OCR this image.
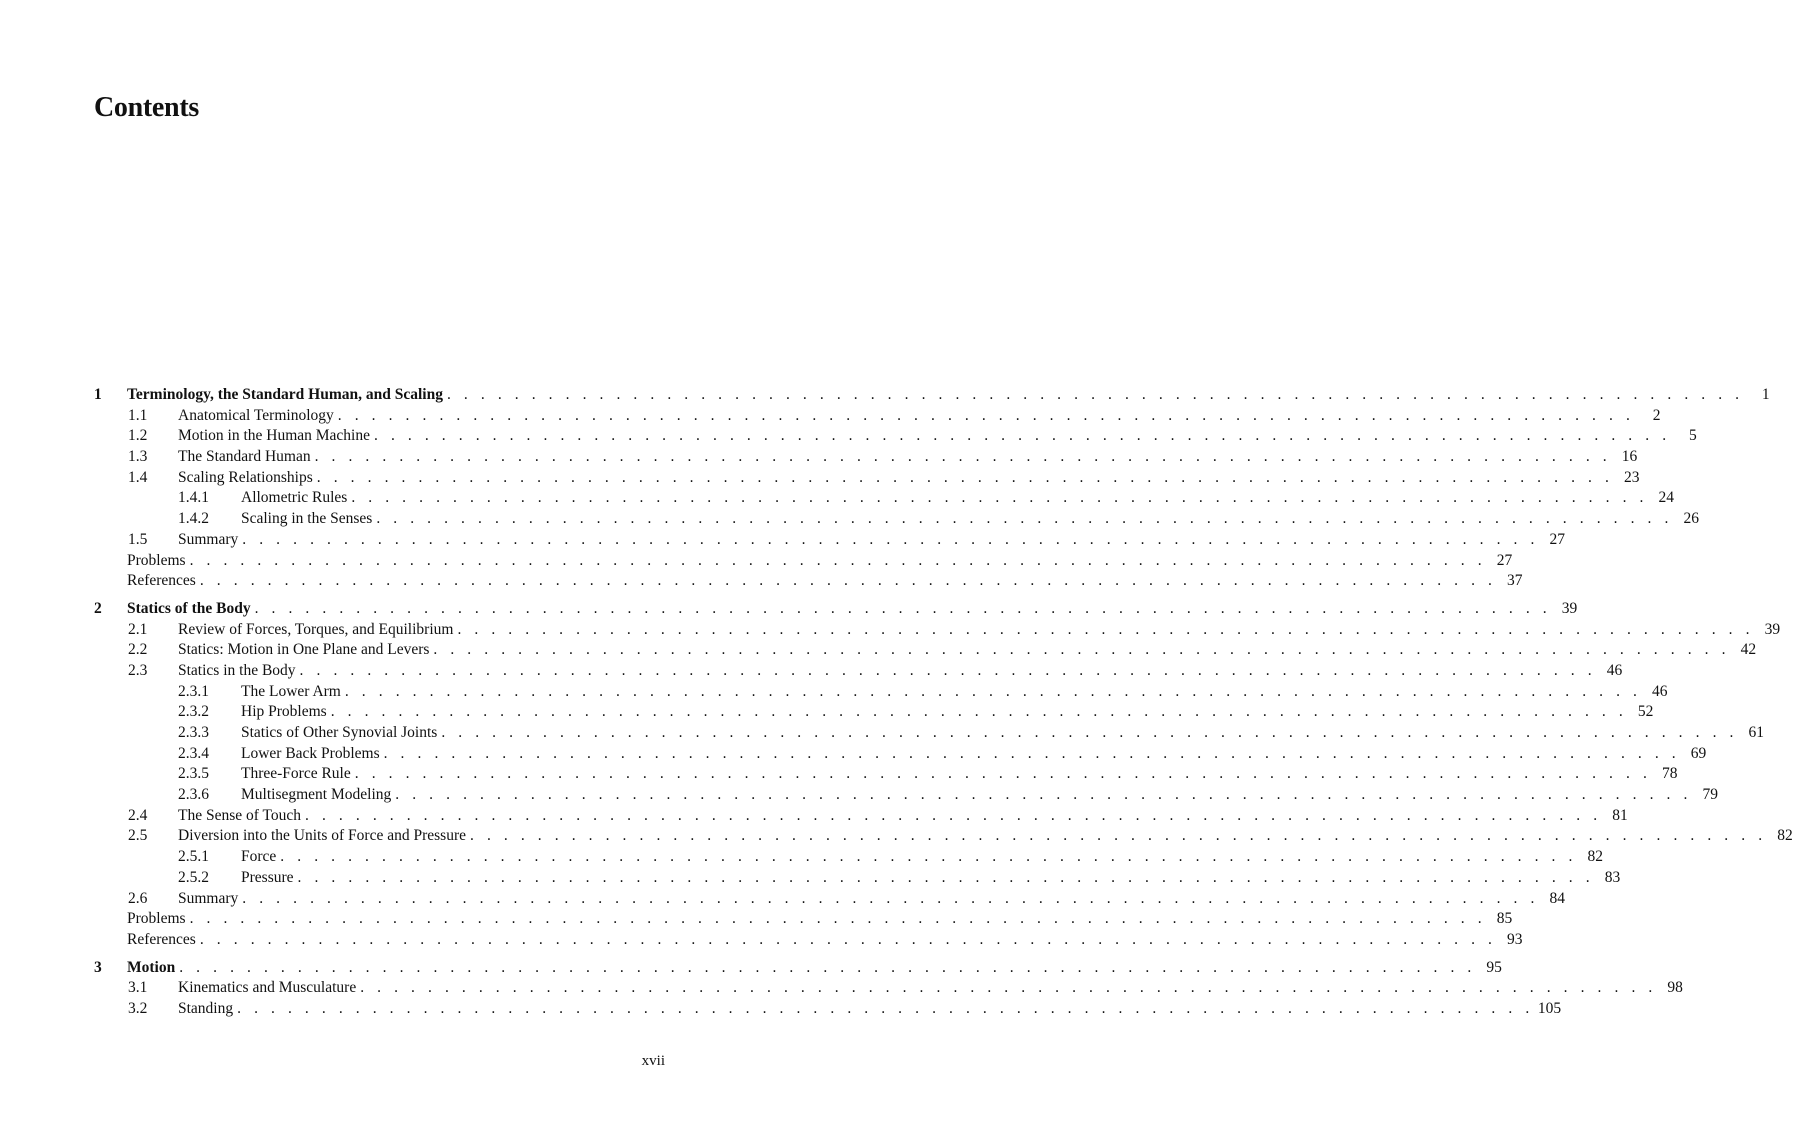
Contents
1 Terminology, the Standard Human, and Scaling . . . . . . . . . . . . . . . . . . . . . . . . . . . . . . . . . . . . . . . . . . . . . . . . . . . . . . . . . . . . . . . . . . . . . . . . . . . . .	1
1.1 Anatomical Terminology . . . . . . . . . . . . . . . . . . . . . . . . . . . . . . . . . . . . . . . . . . . . . . . . . . . . . . . . . . . . . . . . . . . . . . . . . . . . .	2
1.2 Motion in the Human Machine . . . . . . . . . . . . . . . . . . . . . . . . . . . . . . . . . . . . . . . . . . . . . . . . . . . . . . . . . . . . . . . . . . . . . . . . . . . . .	5
1.3 The Standard Human . . . . . . . . . . . . . . . . . . . . . . . . . . . . . . . . . . . . . . . . . . . . . . . . . . . . . . . . . . . . . . . . . . . . . . . . . . . . . 16
1.4 Scaling Relationships . . . . . . . . . . . . . . . . . . . . . . . . . . . . . . . . . . . . . . . . . . . . . . . . . . . . . . . . . . . . . . . . . . . . . . . . . . . . . 23
1.4.1 Allometric Rules . . . . . . . . . . . . . . . . . . . . . . . . . . . . . . . . . . . . . . . . . . . . . . . . . . . . . . . . . . . . . . . . . . . . . . . . . . . . . 24
1.4.2 Scaling in the Senses . . . . . . . . . . . . . . . . . . . . . . . . . . . . . . . . . . . . . . . . . . . . . . . . . . . . . . . . . . . . . . . . . . . . . . . . . . . . . 26
1.5 Summary . . . . . . . . . . . . . . . . . . . . . . . . . . . . . . . . . . . . . . . . . . . . . . . . . . . . . . . . . . . . . . . . . . . . . . . . . . . . . 27
Problems . . . . . . . . . . . . . . . . . . . . . . . . . . . . . . . . . . . . . . . . . . . . . . . . . . . . . . . . . . . . . . . . . . . . . . . . . . . . . 27
References . . . . . . . . . . . . . . . . . . . . . . . . . . . . . . . . . . . . . . . . . . . . . . . . . . . . . . . . . . . . . . . . . . . . . . . . . . . . . 37
2 Statics of the Body . . . . . . . . . . . . . . . . . . . . . . . . . . . . . . . . . . . . . . . . . . . . . . . . . . . . . . . . . . . . . . . . . . . . . . . . . . . . . 39
2.1 Review of Forces, Torques, and Equilibrium . . . . . . . . . . . . . . . . . . . . . . . . . . . . . . . . . . . . . . . . . . . . . . . . . . . . . . . . . . . . . . . . . . . . . . . . . . . . . 39
2.2 Statics: Motion in One Plane and Levers . . . . . . . . . . . . . . . . . . . . . . . . . . . . . . . . . . . . . . . . . . . . . . . . . . . . . . . . . . . . . . . . . . . . . . . . . . . . . 42
2.3 Statics in the Body . . . . . . . . . . . . . . . . . . . . . . . . . . . . . . . . . . . . . . . . . . . . . . . . . . . . . . . . . . . . . . . . . . . . . . . . . . . . . 46
2.3.1 The Lower Arm . . . . . . . . . . . . . . . . . . . . . . . . . . . . . . . . . . . . . . . . . . . . . . . . . . . . . . . . . . . . . . . . . . . . . . . . . . . . . 46
2.3.2 Hip Problems . . . . . . . . . . . . . . . . . . . . . . . . . . . . . . . . . . . . . . . . . . . . . . . . . . . . . . . . . . . . . . . . . . . . . . . . . . . . . 52
2.3.3 Statics of Other Synovial Joints . . . . . . . . . . . . . . . . . . . . . . . . . . . . . . . . . . . . . . . . . . . . . . . . . . . . . . . . . . . . . . . . . . . . . . . . . . . . . 61
2.3.4 Lower Back Problems . . . . . . . . . . . . . . . . . . . . . . . . . . . . . . . . . . . . . . . . . . . . . . . . . . . . . . . . . . . . . . . . . . . . . . . . . . . . . 69
2.3.5 Three-Force Rule . . . . . . . . . . . . . . . . . . . . . . . . . . . . . . . . . . . . . . . . . . . . . . . . . . . . . . . . . . . . . . . . . . . . . . . . . . . . . 78
2.3.6 Multisegment Modeling . . . . . . . . . . . . . . . . . . . . . . . . . . . . . . . . . . . . . . . . . . . . . . . . . . . . . . . . . . . . . . . . . . . . . . . . . . . . . 79
2.4 The Sense of Touch . . . . . . . . . . . . . . . . . . . . . . . . . . . . . . . . . . . . . . . . . . . . . . . . . . . . . . . . . . . . . . . . . . . . . . . . . . . . . 81
2.5 Diversion into the Units of Force and Pressure . . . . . . . . . . . . . . . . . . . . . . . . . . . . . . . . . . . . . . . . . . . . . . . . . . . . . . . . . . . . . . . . . . . . . . . . . . . . . 82
2.5.1 Force . . . . . . . . . . . . . . . . . . . . . . . . . . . . . . . . . . . . . . . . . . . . . . . . . . . . . . . . . . . . . . . . . . . . . . . . . . . . . 82
2.5.2 Pressure . . . . . . . . . . . . . . . . . . . . . . . . . . . . . . . . . . . . . . . . . . . . . . . . . . . . . . . . . . . . . . . . . . . . . . . . . . . . . 83
2.6 Summary . . . . . . . . . . . . . . . . . . . . . . . . . . . . . . . . . . . . . . . . . . . . . . . . . . . . . . . . . . . . . . . . . . . . . . . . . . . . . 84
Problems . . . . . . . . . . . . . . . . . . . . . . . . . . . . . . . . . . . . . . . . . . . . . . . . . . . . . . . . . . . . . . . . . . . . . . . . . . . . . 85
References . . . . . . . . . . . . . . . . . . . . . . . . . . . . . . . . . . . . . . . . . . . . . . . . . . . . . . . . . . . . . . . . . . . . . . . . . . . . . 93
3 Motion . . . . . . . . . . . . . . . . . . . . . . . . . . . . . . . . . . . . . . . . . . . . . . . . . . . . . . . . . . . . . . . . . . . . . . . . . . . . . 95
3.1 Kinematics and Musculature . . . . . . . . . . . . . . . . . . . . . . . . . . . . . . . . . . . . . . . . . . . . . . . . . . . . . . . . . . . . . . . . . . . . . . . . . . . . . 98
3.2 Standing . . . . . . . . . . . . . . . . . . . . . . . . . . . . . . . . . . . . . . . . . . . . . . . . . . . . . . . . . . . . . . . . . . . . . . . . . . . . . 105
xvii
